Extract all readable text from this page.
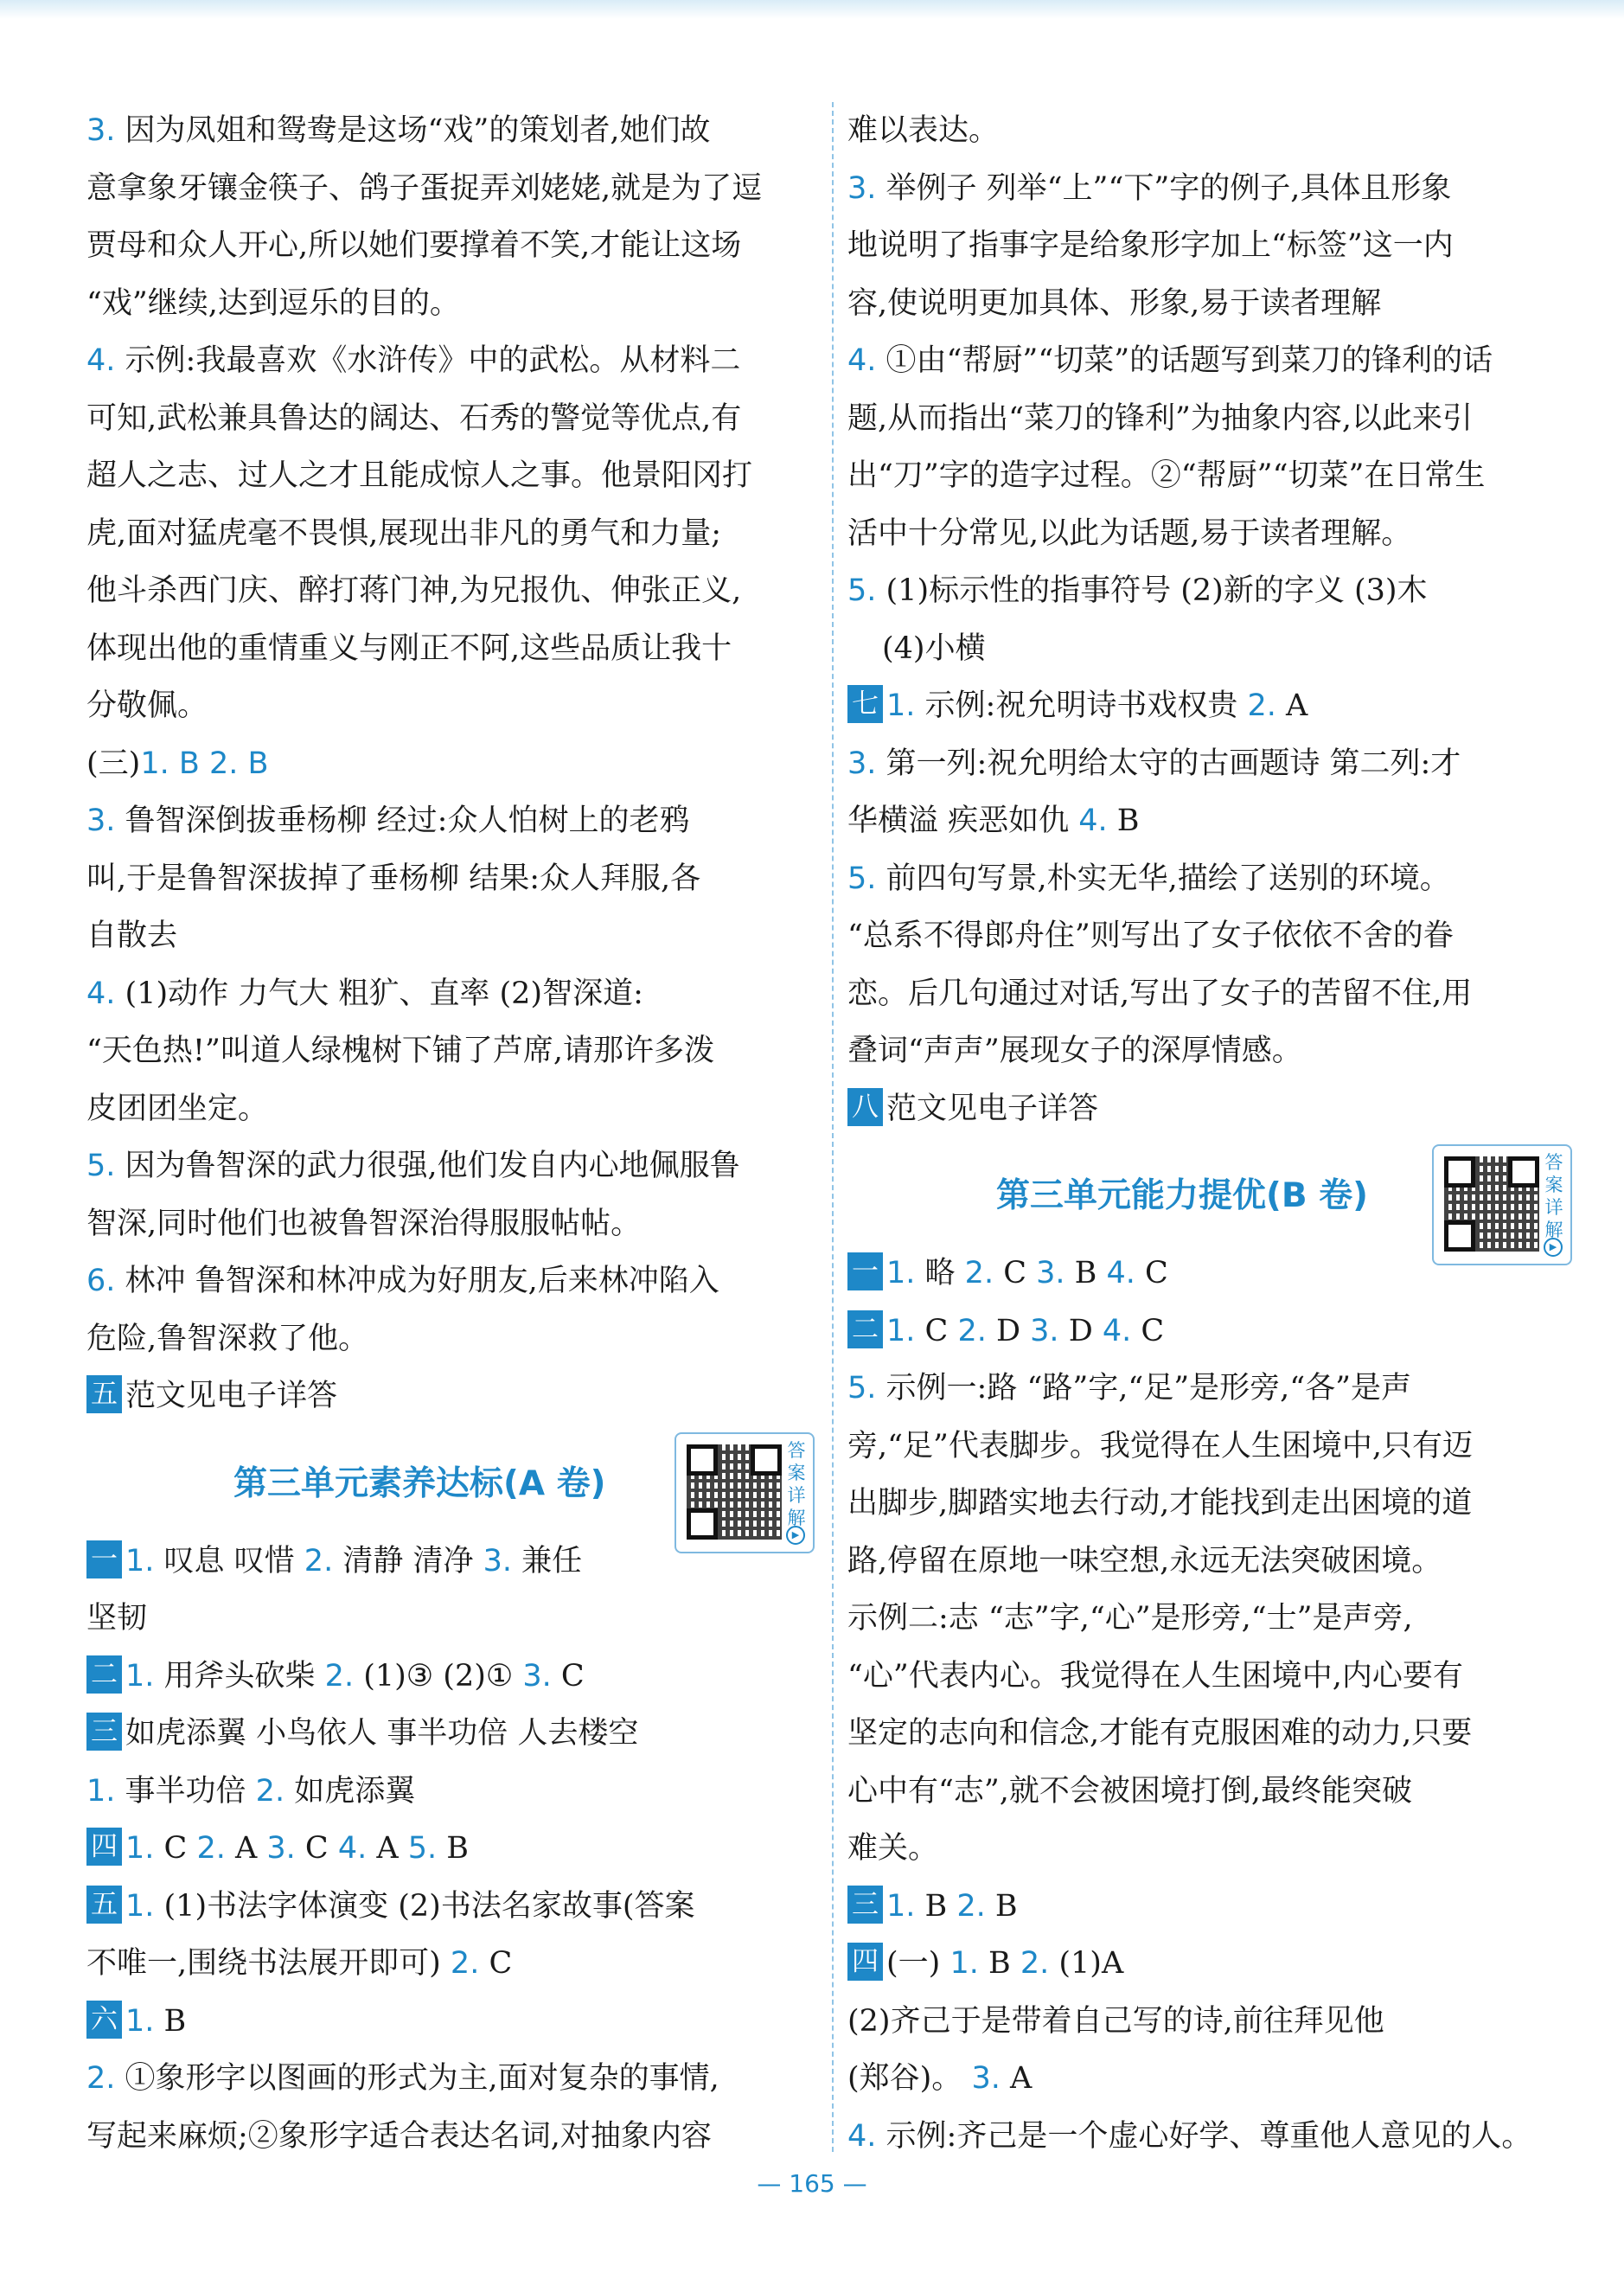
3. 因为凤姐和鸳鸯是这场“戏”的策划者,她们故
意拿象牙镶金筷子、鸽子蛋捉弄刘姥姥,就是为了逗
贾母和众人开心,所以她们要撑着不笑,才能让这场
“戏”继续,达到逗乐的目的。
4. 示例:我最喜欢《水浒传》中的武松。从材料二
可知,武松兼具鲁达的阔达、石秀的警觉等优点,有
超人之志、过人之才且能成惊人之事。他景阳冈打
虎,面对猛虎毫不畏惧,展现出非凡的勇气和力量;
他斗杀西门庆、醉打蒋门神,为兄报仇、伸张正义,
体现出他的重情重义与刚正不阿,这些品质让我十
分敬佩。
(三)1. B 2. B
3. 鲁智深倒拔垂杨柳 经过:众人怕树上的老鸦
叫,于是鲁智深拔掉了垂杨柳 结果:众人拜服,各
自散去
4. (1)动作 力气大 粗犷、直率 (2)智深道:
“天色热!”叫道人绿槐树下铺了芦席,请那许多泼
皮团团坐定。
5. 因为鲁智深的武力很强,他们发自内心地佩服鲁
智深,同时他们也被鲁智深治得服服帖帖。
6. 林冲 鲁智深和林冲成为好朋友,后来林冲陷入
危险,鲁智深救了他。
五 范文见电子详答
第三单元素养达标(A 卷)
答案详解
▶
一 1. 叹息 叹惜 2. 清静 清净 3. 兼任
坚韧
二 1. 用斧头砍柴 2. (1)③ (2)① 3. C
三 如虎添翼 小鸟依人 事半功倍 人去楼空
1. 事半功倍 2. 如虎添翼
四 1. C 2. A 3. C 4. A 5. B
五 1. (1)书法字体演变 (2)书法名家故事(答案
不唯一,围绕书法展开即可) 2. C
六 1. B
2. ①象形字以图画的形式为主,面对复杂的事情,
写起来麻烦;②象形字适合表达名词,对抽象内容
难以表达。
3. 举例子 列举“上”“下”字的例子,具体且形象
地说明了指事字是给象形字加上“标签”这一内
容,使说明更加具体、形象,易于读者理解
4. ①由“帮厨”“切菜”的话题写到菜刀的锋利的话
题,从而指出“菜刀的锋利”为抽象内容,以此来引
出“刀”字的造字过程。②“帮厨”“切菜”在日常生
活中十分常见,以此为话题,易于读者理解。
5. (1)标示性的指事符号 (2)新的字义 (3)木
(4)小横
七 1. 示例:祝允明诗书戏权贵 2. A
3. 第一列:祝允明给太守的古画题诗 第二列:才
华横溢 疾恶如仇 4. B
5. 前四句写景,朴实无华,描绘了送别的环境。
“总系不得郎舟住”则写出了女子依依不舍的眷
恋。后几句通过对话,写出了女子的苦留不住,用
叠词“声声”展现女子的深厚情感。
八 范文见电子详答
第三单元能力提优(B 卷)
答案详解
▶
一 1. 略 2. C 3. B 4. C
二 1. C 2. D 3. D 4. C
5. 示例一:路 “路”字,“足”是形旁,“各”是声
旁,“足”代表脚步。我觉得在人生困境中,只有迈
出脚步,脚踏实地去行动,才能找到走出困境的道
路,停留在原地一味空想,永远无法突破困境。
示例二:志 “志”字,“心”是形旁,“士”是声旁,
“心”代表内心。我觉得在人生困境中,内心要有
坚定的志向和信念,才能有克服困难的动力,只要
心中有“志”,就不会被困境打倒,最终能突破
难关。
三 1. B 2. B
四 (一) 1. B 2. (1)A
(2)齐己于是带着自己写的诗,前往拜见他
(郑谷)。 3. A
4. 示例:齐己是一个虚心好学、尊重他人意见的人。
— 165 —
